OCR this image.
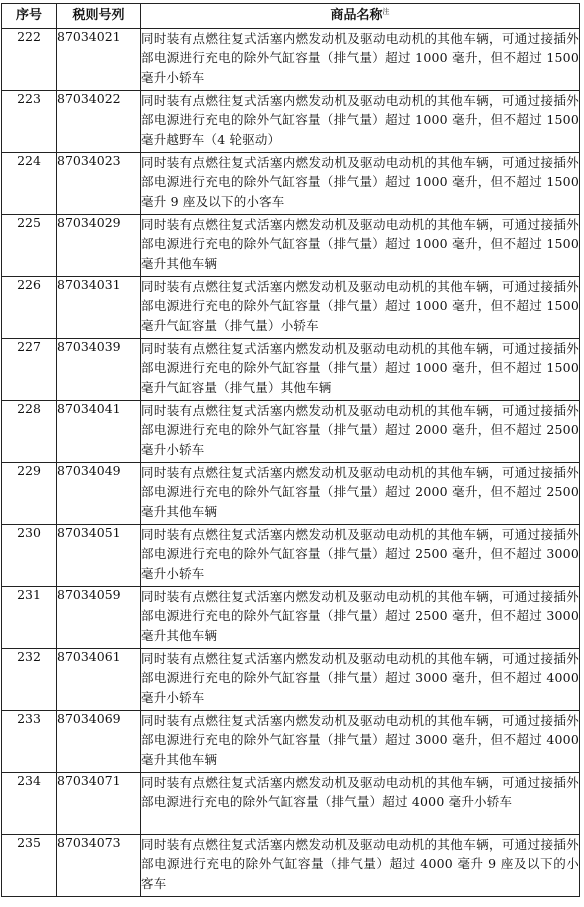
序号	税则号列	商品名称$^注$
222	87034021	同时装有点燃往复式活塞内燃发动机及驱动电动机的其他车辆，可通过接插外部电源进行充电的除外气缸容量（排气量）超过 1000 毫升，但不超过 1500 毫升小轿车
223	87034022	同时装有点燃往复式活塞内燃发动机及驱动电动机的其他车辆，可通过接插外部电源进行充电的除外气缸容量（排气量）超过 1000 毫升，但不超过 1500 毫升越野车（4 轮驱动）
224	87034023	同时装有点燃往复式活塞内燃发动机及驱动电动机的其他车辆，可通过接插外部电源进行充电的除外气缸容量（排气量）超过 1000 毫升，但不超过 1500 毫升 9 座及以下的小客车
225	87034029	同时装有点燃往复式活塞内燃发动机及驱动电动机的其他车辆，可通过接插外部电源进行充电的除外气缸容量（排气量）超过 1000 毫升，但不超过 1500 毫升其他车辆
226	87034031	同时装有点燃往复式活塞内燃发动机及驱动电动机的其他车辆，可通过接插外部电源进行充电的除外气缸容量（排气量）超过 1000 毫升，但不超过 1500 毫升气缸容量（排气量）小轿车
227	87034039	同时装有点燃往复式活塞内燃发动机及驱动电动机的其他车辆，可通过接插外部电源进行充电的除外气缸容量（排气量）超过 1000 毫升，但不超过 1500 毫升气缸容量（排气量）其他车辆
228	87034041	同时装有点燃往复式活塞内燃发动机及驱动电动机的其他车辆，可通过接插外部电源进行充电的除外气缸容量（排气量）超过 2000 毫升，但不超过 2500 毫升小轿车
229	87034049	同时装有点燃往复式活塞内燃发动机及驱动电动机的其他车辆，可通过接插外部电源进行充电的除外气缸容量（排气量）超过 2000 毫升，但不超过 2500 毫升其他车辆
230	87034051	同时装有点燃往复式活塞内燃发动机及驱动电动机的其他车辆，可通过接插外部电源进行充电的除外气缸容量（排气量）超过 2500 毫升，但不超过 3000 毫升小轿车
231	87034059	同时装有点燃往复式活塞内燃发动机及驱动电动机的其他车辆，可通过接插外部电源进行充电的除外气缸容量（排气量）超过 2500 毫升，但不超过 3000 毫升其他车辆
232	87034061	同时装有点燃往复式活塞内燃发动机及驱动电动机的其他车辆，可通过接插外部电源进行充电的除外气缸容量（排气量）超过 3000 毫升，但不超过 4000 毫升小轿车
233	87034069	同时装有点燃往复式活塞内燃发动机及驱动电动机的其他车辆，可通过接插外部电源进行充电的除外气缸容量（排气量）超过 3000 毫升，但不超过 4000 毫升其他车辆
234	87034071	同时装有点燃往复式活塞内燃发动机及驱动电动机的其他车辆，可通过接插外部电源进行充电的除外气缸容量（排气量）超过 4000 毫升小轿车
235	87034073	同时装有点燃往复式活塞内燃发动机及驱动电动机的其他车辆，可通过接插外部电源进行充电的除外气缸容量（排气量）超过 4000 毫升 9 座及以下的小客车
